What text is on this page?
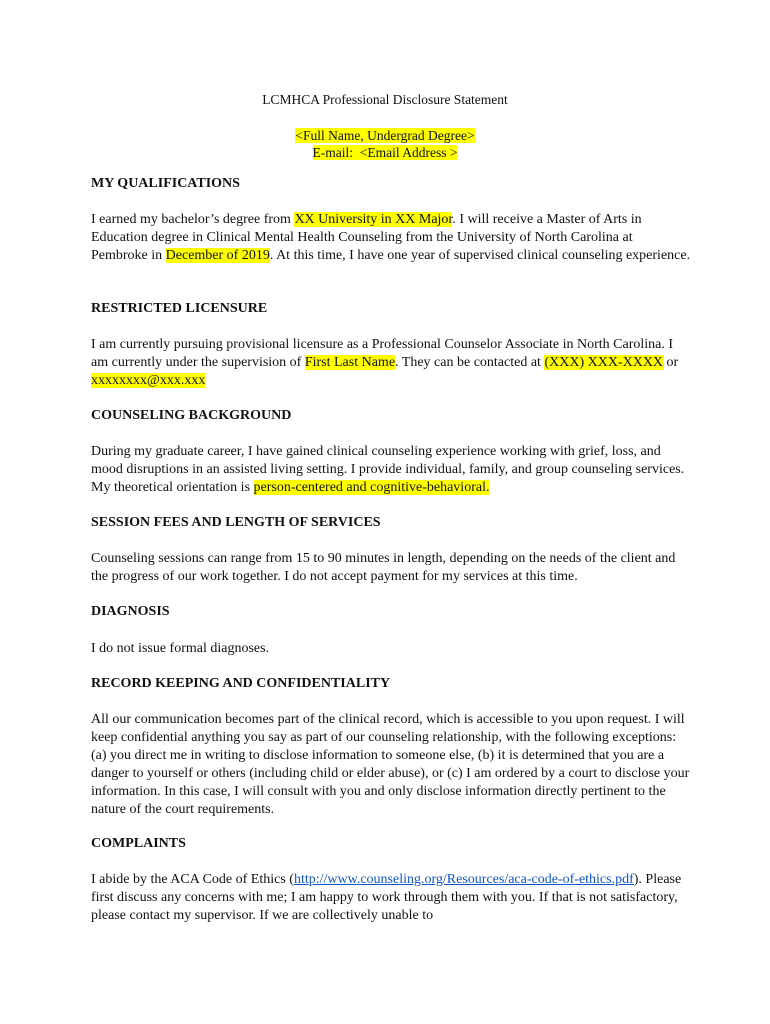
LCMHCA Professional Disclosure Statement
<Full Name, Undergrad Degree>
E-mail:  <Email Address >
MY QUALIFICATIONS

I earned my bachelor’s degree from XX University in XX Major. I will receive a Master of Arts in Education degree in Clinical Mental Health Counseling from the University of North Carolina at Pembroke in December of 2019. At this time, I have one year of supervised clinical counseling experience.

RESTRICTED LICENSURE

I am currently pursuing provisional licensure as a Professional Counselor Associate in North Carolina. I am currently under the supervision of First Last Name. They can be contacted at (XXX) XXX-XXXX or xxxxxxxx@xxx.xxx

COUNSELING BACKGROUND

During my graduate career, I have gained clinical counseling experience working with grief, loss, and mood disruptions in an assisted living setting. I provide individual, family, and group counseling services. My theoretical orientation is person-centered and cognitive-behavioral.

SESSION FEES AND LENGTH OF SERVICES

Counseling sessions can range from 15 to 90 minutes in length, depending on the needs of the client and the progress of our work together. I do not accept payment for my services at this time.

DIAGNOSIS

I do not issue formal diagnoses.

RECORD KEEPING AND CONFIDENTIALITY

All our communication becomes part of the clinical record, which is accessible to you upon request. I will keep confidential anything you say as part of our counseling relationship, with the following exceptions: (a) you direct me in writing to disclose information to someone else, (b) it is determined that you are a danger to yourself or others (including child or elder abuse), or (c) I am ordered by a court to disclose your information. In this case, I will consult with you and only disclose information directly pertinent to the nature of the court requirements.

COMPLAINTS

I abide by the ACA Code of Ethics (http://www.counseling.org/Resources/aca-code-of-ethics.pdf). Please first discuss any concerns with me; I am happy to work through them with you. If that is not satisfactory, please contact my supervisor. If we are collectively unable to
